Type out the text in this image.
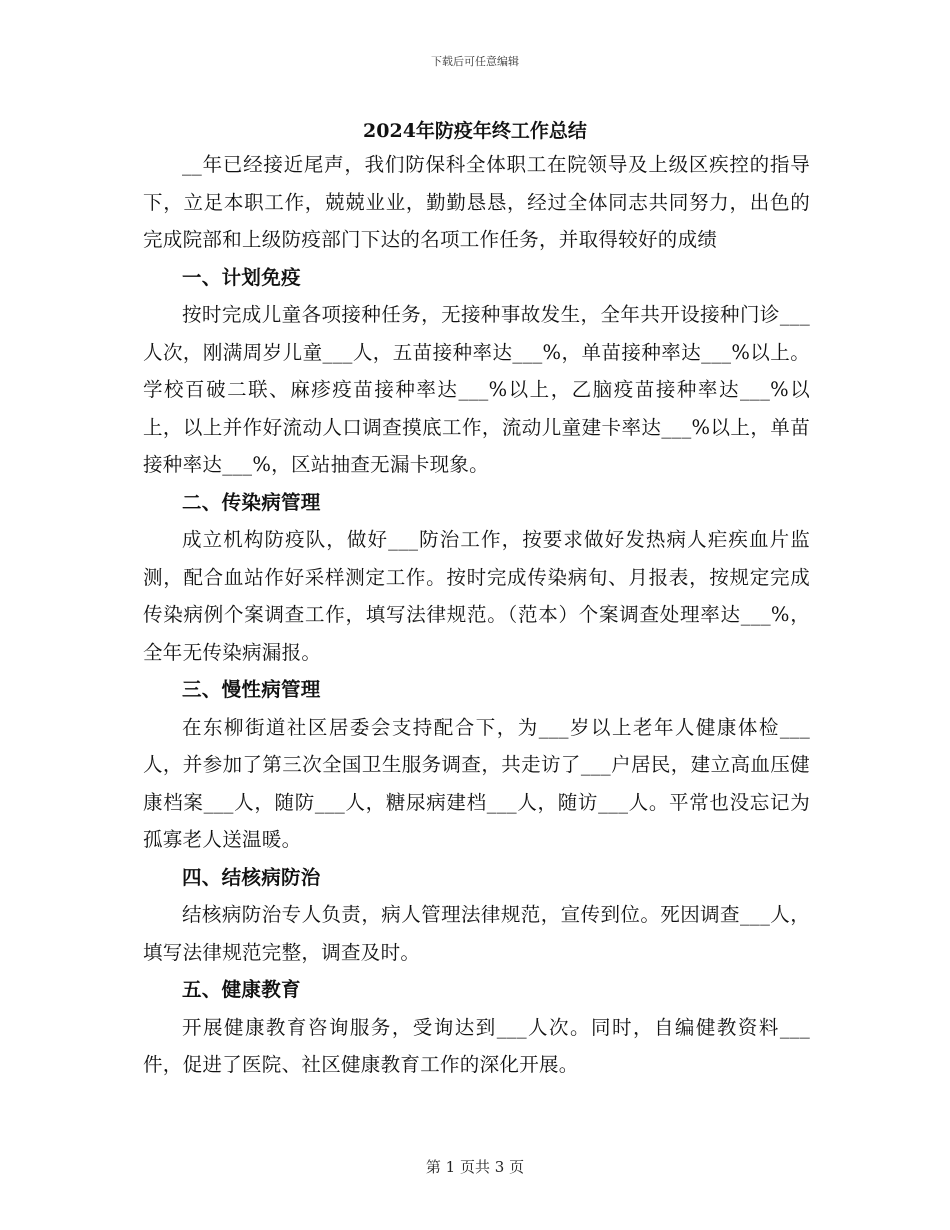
下载后可任意编辑
2024年防疫年终工作总结

__年已经接近尾声，我们防保科全体职工在院领导及上级区疾控的指导下，立足本职工作，兢兢业业，勤勤恳恳，经过全体同志共同努力，出色的完成院部和上级防疫部门下达的名项工作任务，并取得较好的成绩

一、计划免疫

按时完成儿童各项接种任务，无接种事故发生，全年共开设接种门诊___人次，刚满周岁儿童___人，五苗接种率达___%，单苗接种率达___%以上。学校百破二联、麻疹疫苗接种率达___%以上，乙脑疫苗接种率达___%以上，以上并作好流动人口调查摸底工作，流动儿童建卡率达___%以上，单苗接种率达___%，区站抽查无漏卡现象。

二、传染病管理

成立机构防疫队，做好___防治工作，按要求做好发热病人疟疾血片监测，配合血站作好采样测定工作。按时完成传染病旬、月报表，按规定完成传染病例个案调查工作，填写法律规范。（范本）个案调查处理率达___%，全年无传染病漏报。

三、慢性病管理

在东柳街道社区居委会支持配合下，为___岁以上老年人健康体检___人，并参加了第三次全国卫生服务调查，共走访了___户居民，建立高血压健康档案___人，随防___人，糖尿病建档___人，随访___人。平常也没忘记为孤寡老人送温暖。

四、结核病防治

结核病防治专人负责，病人管理法律规范，宣传到位。死因调查___人，填写法律规范完整，调查及时。

五、健康教育

开展健康教育咨询服务，受询达到___人次。同时，自编健教资料___件，促进了医院、社区健康教育工作的深化开展。

第 1 页共 3 页
